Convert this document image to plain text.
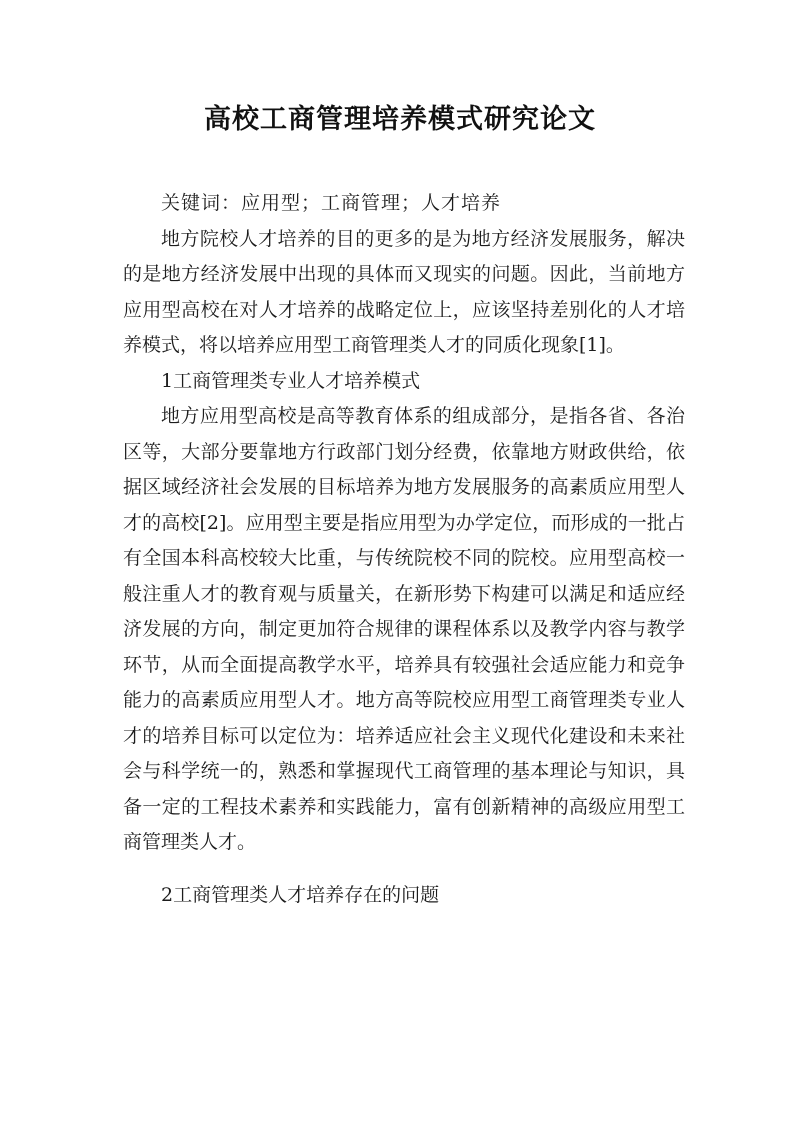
高校工商管理培养模式研究论文

关键词：应用型；工商管理；人才培养

地方院校人才培养的目的更多的是为地方经济发展服务，解决的是地方经济发展中出现的具体而又现实的问题。因此，当前地方应用型高校在对人才培养的战略定位上，应该坚持差别化的人才培养模式，将以培养应用型工商管理类人才的同质化现象[1]。

1工商管理类专业人才培养模式

地方应用型高校是高等教育体系的组成部分，是指各省、各治区等，大部分要靠地方行政部门划分经费，依靠地方财政供给，依据区域经济社会发展的目标培养为地方发展服务的高素质应用型人才的高校[2]。应用型主要是指应用型为办学定位，而形成的一批占有全国本科高校较大比重，与传统院校不同的院校。应用型高校一般注重人才的教育观与质量关，在新形势下构建可以满足和适应经济发展的方向，制定更加符合规律的课程体系以及教学内容与教学环节，从而全面提高教学水平，培养具有较强社会适应能力和竞争能力的高素质应用型人才。地方高等院校应用型工商管理类专业人才的培养目标可以定位为：培养适应社会主义现代化建设和未来社会与科学统一的，熟悉和掌握现代工商管理的基本理论与知识，具备一定的工程技术素养和实践能力，富有创新精神的高级应用型工商管理类人才。

2工商管理类人才培养存在的问题
